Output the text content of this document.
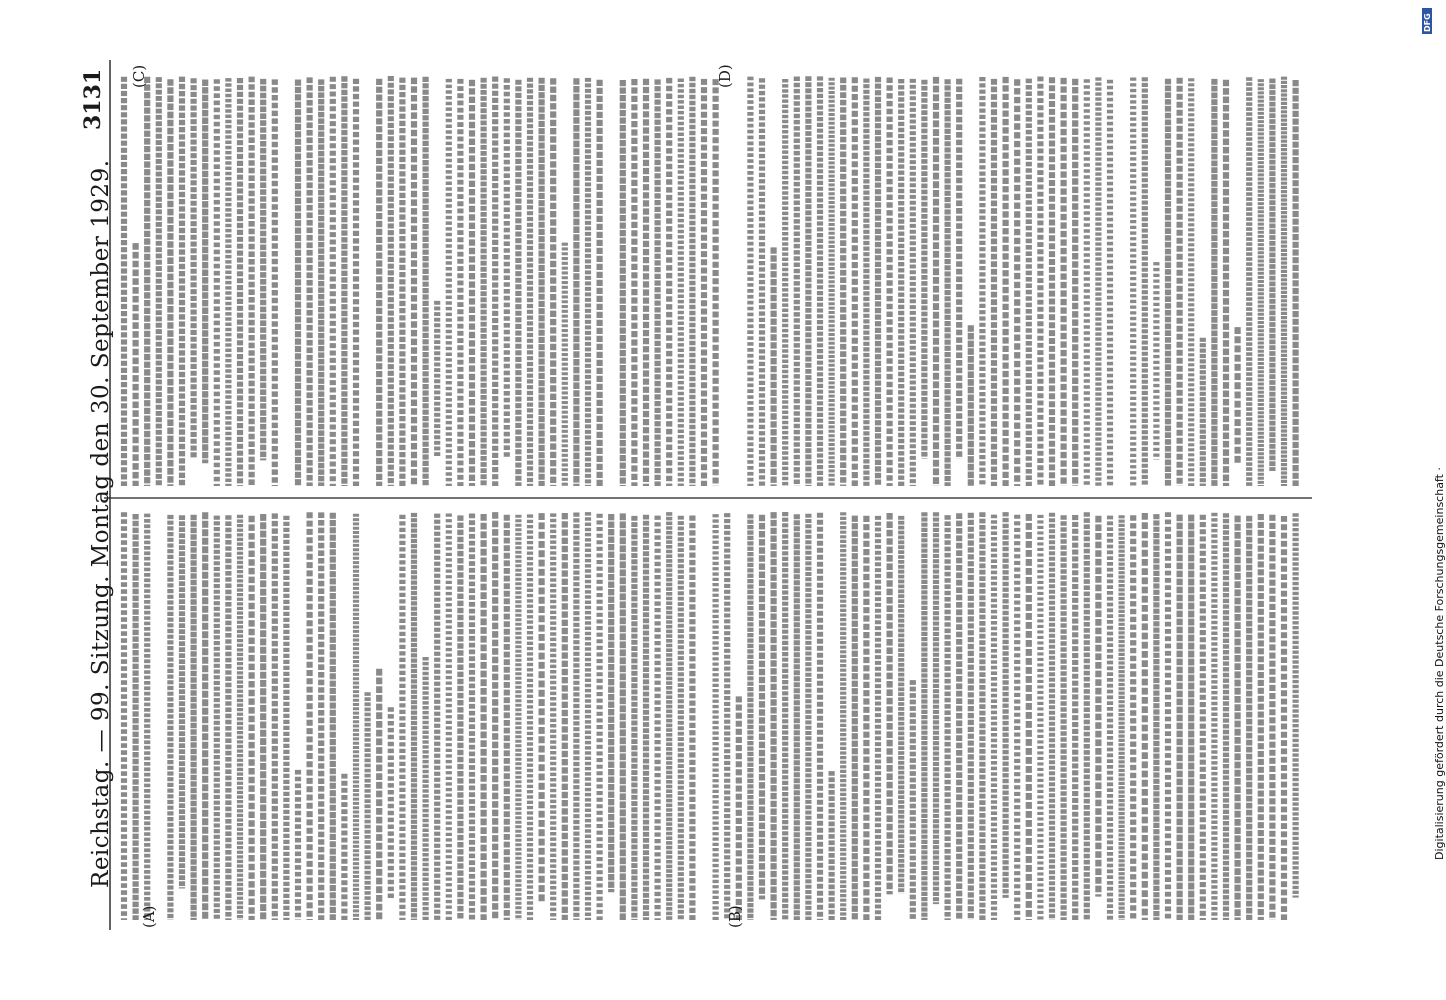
Reichstag. — 99. Sitzung. Montag den 30. September 1929.
3131
(A)	(B)
(C)	(D)
DFG
Digitalisierung gefördert durch die Deutsche Forschungsgemeinschaft ·
